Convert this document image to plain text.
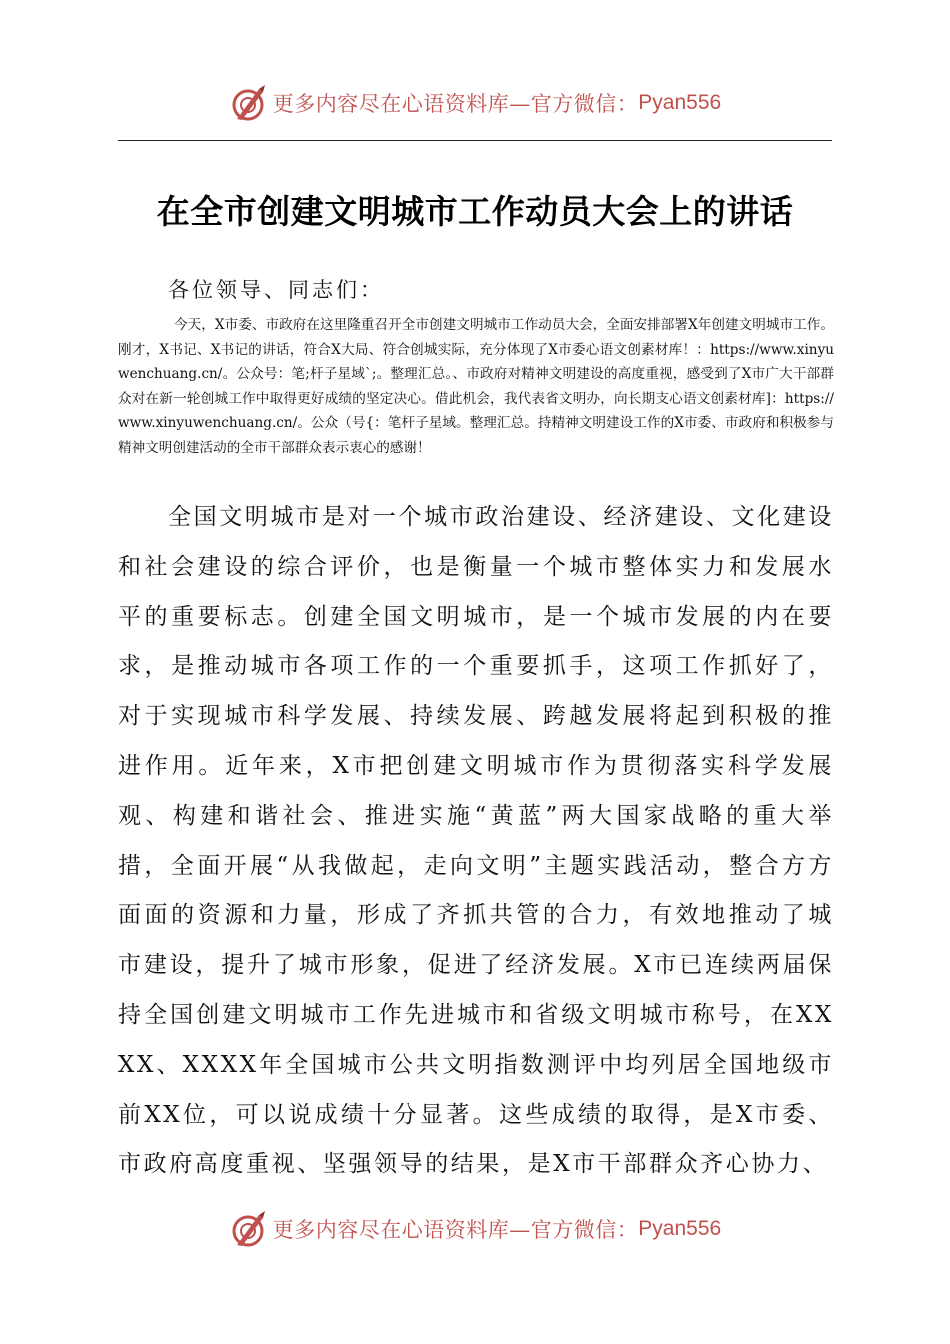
更多内容尽在心语资料库—官方微信： Pyan556
在全市创建文明城市工作动员大会上的讲话
各位领导、同志们：
今天，X市委、市政府在这里隆重召开全市创建文明城市工作动员大会，全面安排部署X年创建文明城市工作。刚才，X书记、X书记的讲话，符合X大局、符合创城实际，充分体现了X市委心语文创素材库！：https://www.xinyuwenchuang.cn/。公众号：笔;杆子星域`;。整理汇总。、市政府对精神文明建设的高度重视，感受到了X市广大干部群众对在新一轮创城工作中取得更好成绩的坚定决心。借此机会，我代表省文明办，向长期支心语文创素材库]：https://www.xinyuwenchuang.cn/。公众（号{：笔杆子星域。整理汇总。持精神文明建设工作的X市委、市政府和积极参与精神文明创建活动的全市干部群众表示衷心的感谢！
全国文明城市是对一个城市政治建设、经济建设、文化建设和社会建设的综合评价，也是衡量一个城市整体实力和发展水平的重要标志。创建全国文明城市，是一个城市发展的内在要求，是推动城市各项工作的一个重要抓手，这项工作抓好了，对于实现城市科学发展、持续发展、跨越发展将起到积极的推进作用。近年来，X市把创建文明城市作为贯彻落实科学发展观、构建和谐社会、推进实施“黄蓝”两大国家战略的重大举措，全面开展“从我做起，走向文明”主题实践活动，整合方方面面的资源和力量，形成了齐抓共管的合力，有效地推动了城市建设，提升了城市形象，促进了经济发展。X市已连续两届保持全国创建文明城市工作先进城市和省级文明城市称号，在XXXX、XXXX年全国城市公共文明指数测评中均列居全国地级市前XX位，可以说成绩十分显著。这些成绩的取得，是X市委、市政府高度重视、坚强领导的结果，是X市干部群众齐心协力、
更多内容尽在心语资料库—官方微信： Pyan556
